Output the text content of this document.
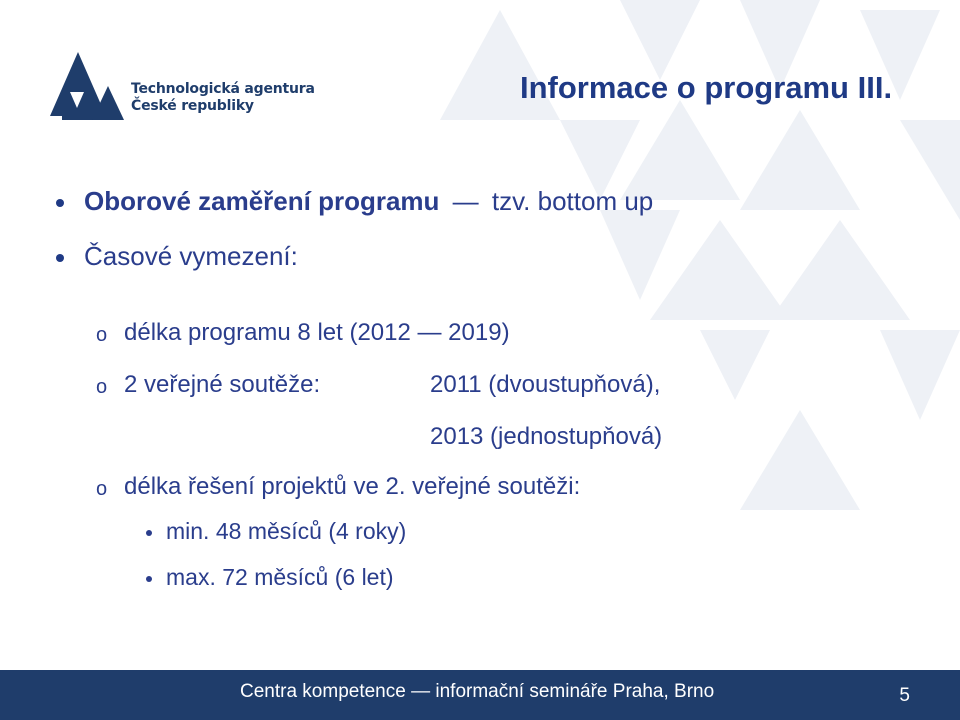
Technologická agentura
České republiky
Informace o programu III.
Oborové zaměření programu — tzv. bottom up
Časové vymezení:
o délka programu 8 let (2012 — 2019)
o 2 veřejné soutěže:	2011 (dvoustupňová),
2013 (jednostupňová)
o délka řešení projektů ve 2. veřejné soutěži:
min. 48 měsíců (4 roky)
max. 72 měsíců (6 let)
Centra kompetence — informační semináře Praha, Brno	5
